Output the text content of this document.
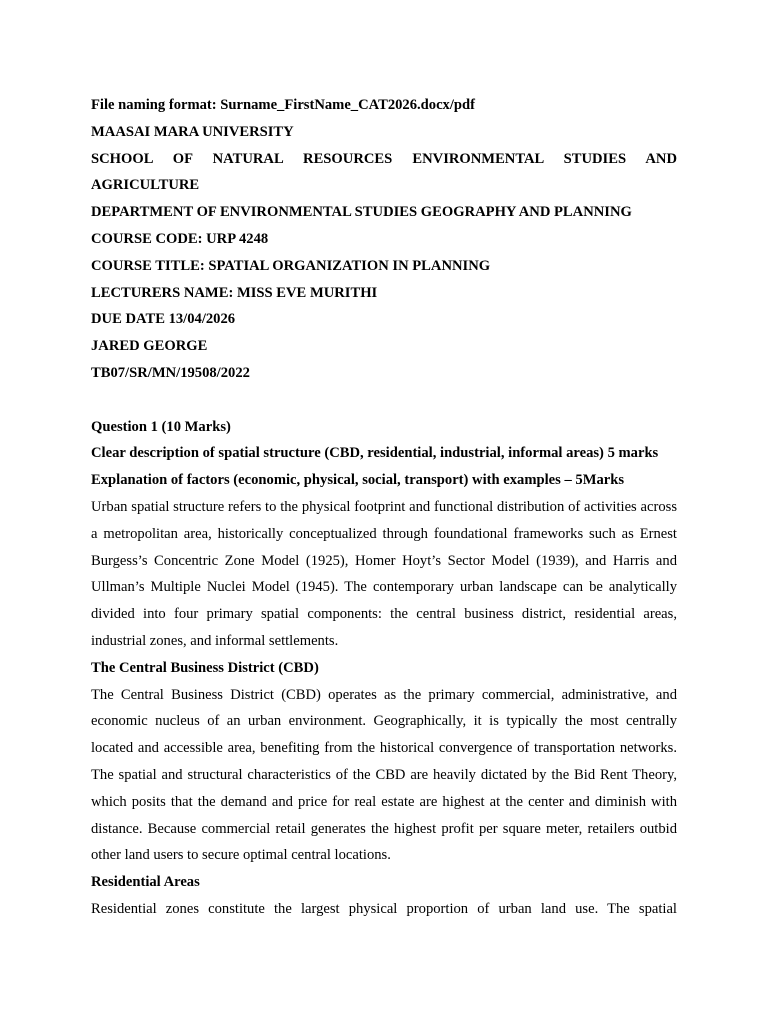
File naming format: Surname_FirstName_CAT2026.docx/pdf
MAASAI MARA UNIVERSITY
SCHOOL OF NATURAL RESOURCES ENVIRONMENTAL STUDIES AND
AGRICULTURE
DEPARTMENT OF ENVIRONMENTAL STUDIES GEOGRAPHY AND PLANNING
COURSE CODE: URP 4248
COURSE TITLE: SPATIAL ORGANIZATION IN PLANNING
LECTURERS NAME: MISS EVE MURITHI
DUE DATE 13/04/2026
JARED GEORGE
TB07/SR/MN/19508/2022
Question 1 (10 Marks)
Clear description of spatial structure (CBD, residential, industrial, informal areas) 5 marks
Explanation of factors (economic, physical, social, transport) with examples – 5Marks

Urban spatial structure refers to the physical footprint and functional distribution of activities across a metropolitan area, historically conceptualized through foundational frameworks such as Ernest Burgess’s Concentric Zone Model (1925), Homer Hoyt’s Sector Model (1939), and Harris and Ullman’s Multiple Nuclei Model (1945). The contemporary urban landscape can be analytically divided into four primary spatial components: the central business district, residential areas, industrial zones, and informal settlements.

The Central Business District (CBD)

The Central Business District (CBD) operates as the primary commercial, administrative, and economic nucleus of an urban environment. Geographically, it is typically the most centrally located and accessible area, benefiting from the historical convergence of transportation networks. The spatial and structural characteristics of the CBD are heavily dictated by the Bid Rent Theory, which posits that the demand and price for real estate are highest at the center and diminish with distance. Because commercial retail generates the highest profit per square meter, retailers outbid other land users to secure optimal central locations.

Residential Areas

Residential zones constitute the largest physical proportion of urban land use. The spatial
